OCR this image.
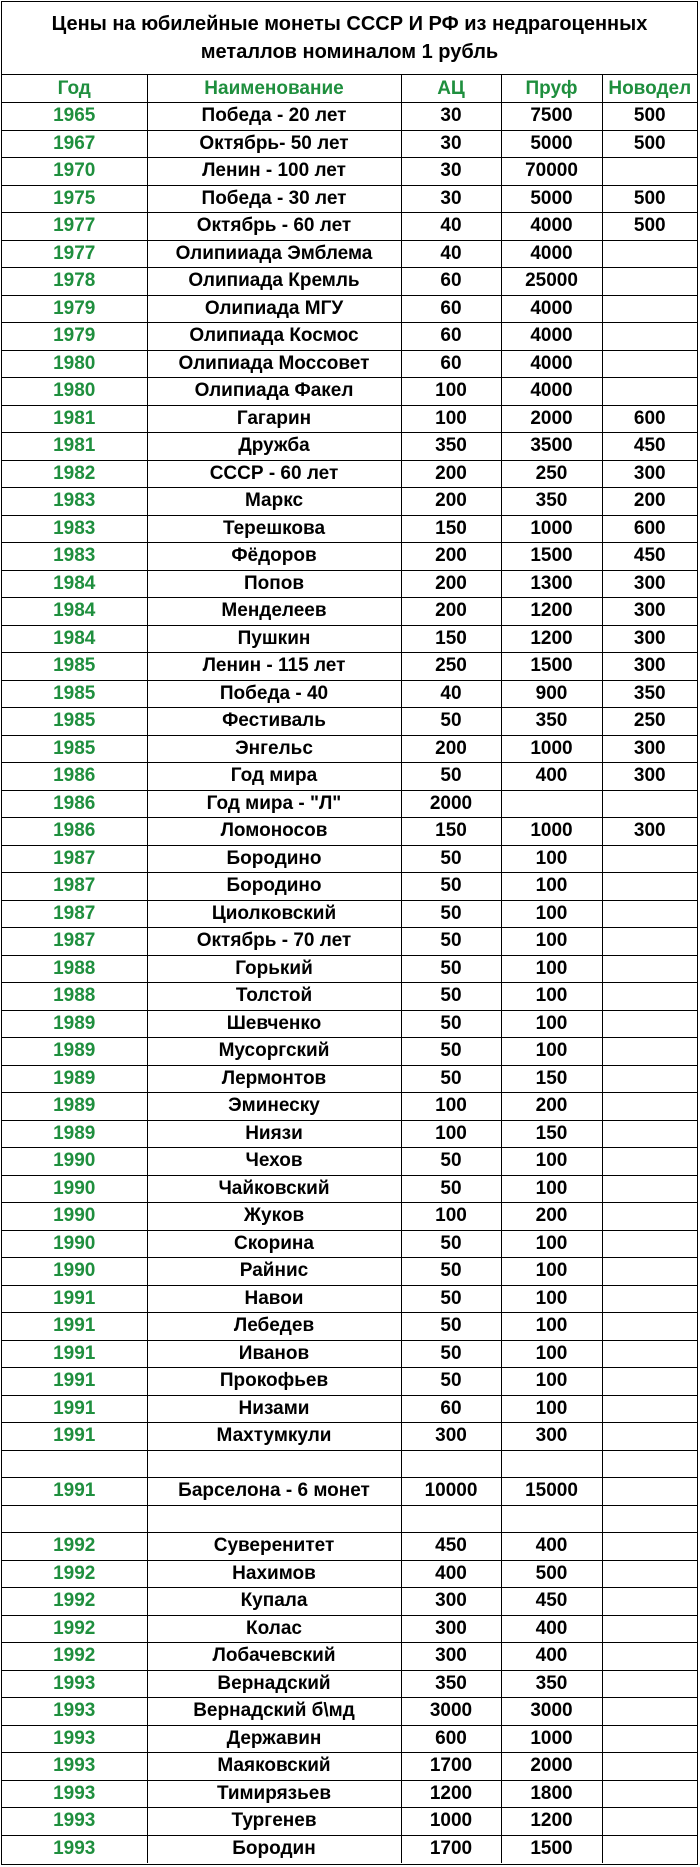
Цены на юбилейные монеты СССР И РФ из недрагоценных металлов номиналом 1 рубль
Год	Наименование	АЦ	Пруф	Новодел
1965	Победа - 20 лет	30	7500	500
1967	Октябрь- 50 лет	30	5000	500
1970	Ленин - 100 лет	30	70000	
1975	Победа - 30 лет	30	5000	500
1977	Октябрь - 60 лет	40	4000	500
1977	Олипииада Эмблема	40	4000	
1978	Олипиада Кремль	60	25000	
1979	Олипиада МГУ	60	4000	
1979	Олипиада Космос	60	4000	
1980	Олипиада Моссовет	60	4000	
1980	Олипиада Факел	100	4000	
1981	Гагарин	100	2000	600
1981	Дружба	350	3500	450
1982	СССР - 60 лет	200	250	300
1983	Маркс	200	350	200
1983	Терешкова	150	1000	600
1983	Фёдоров	200	1500	450
1984	Попов	200	1300	300
1984	Менделеев	200	1200	300
1984	Пушкин	150	1200	300
1985	Ленин - 115 лет	250	1500	300
1985	Победа - 40	40	900	350
1985	Фестиваль	50	350	250
1985	Энгельс	200	1000	300
1986	Год мира	50	400	300
1986	Год мира - "Л"	2000		
1986	Ломоносов	150	1000	300
1987	Бородино	50	100	
1987	Бородино	50	100	
1987	Циолковский	50	100	
1987	Октябрь - 70 лет	50	100	
1988	Горький	50	100	
1988	Толстой	50	100	
1989	Шевченко	50	100	
1989	Мусоргский	50	100	
1989	Лермонтов	50	150	
1989	Эминеску	100	200	
1989	Ниязи	100	150	
1990	Чехов	50	100	
1990	Чайковский	50	100	
1990	Жуков	100	200	
1990	Скорина	50	100	
1990	Райнис	50	100	
1991	Навои	50	100	
1991	Лебедев	50	100	
1991	Иванов	50	100	
1991	Прокофьев	50	100	
1991	Низами	60	100	
1991	Махтумкули	300	300	

1991	Барселона - 6 монет	10000	15000	

1992	Суверенитет	450	400	
1992	Нахимов	400	500	
1992	Купала	300	450	
1992	Колас	300	400	
1992	Лобачевский	300	400	
1993	Вернадский	350	350	
1993	Вернадский б\мд	3000	3000	
1993	Державин	600	1000	
1993	Маяковский	1700	2000	
1993	Тимирязьев	1200	1800	
1993	Тургенев	1000	1200	
1993	Бородин	1700	1500	
